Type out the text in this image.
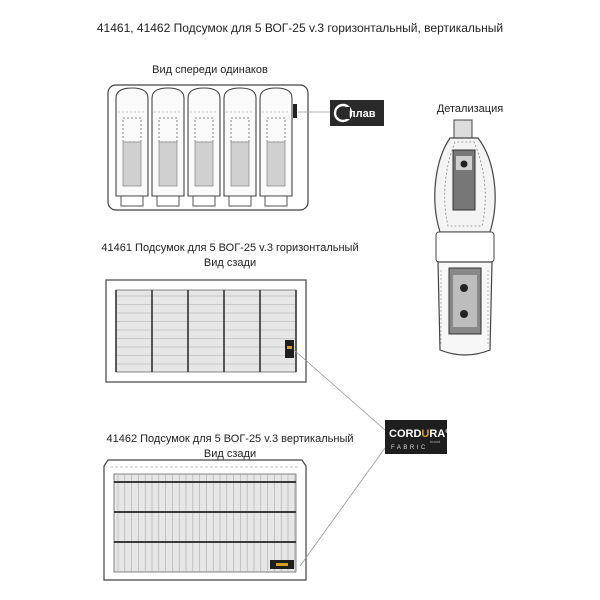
41461, 41462 Подсумок для 5 ВОГ-25 v.3 горизонтальный, вертикальный
Вид спереди одинаков
Детализация
41461 Подсумок для 5 ВОГ-25 v.3 горизонтальный
Вид сзади
41462 Подсумок для 5 ВОГ-25 v.3 вертикальный
Вид сзади
плав
CORDURA®
brand
FABRIC
